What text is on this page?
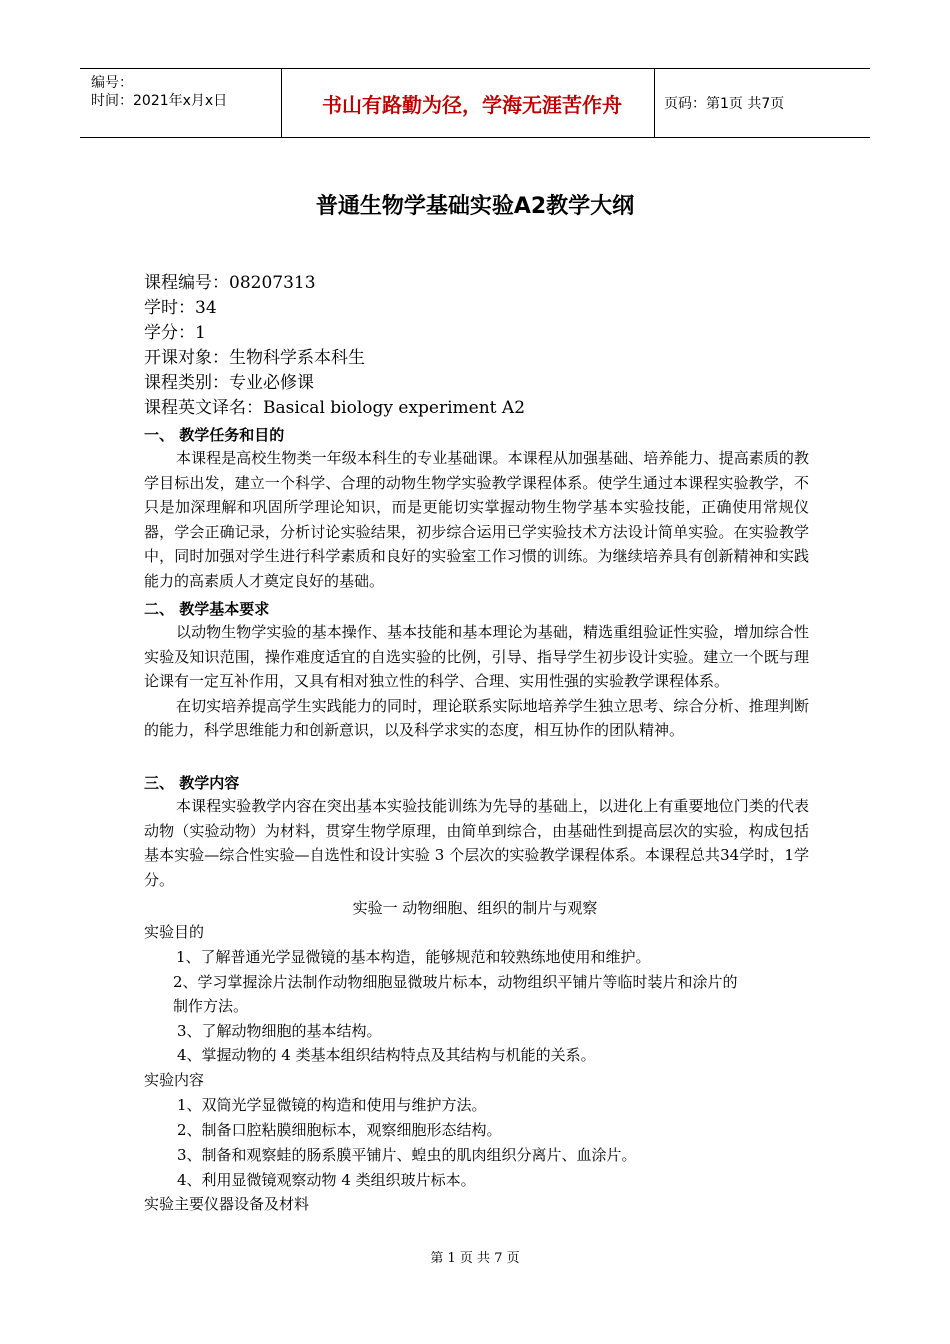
编号：
时间：2021年x月x日	书山有路勤为径，学海无涯苦作舟	页码：第1页 共7页
普通生物学基础实验A2教学大纲
课程编号：08207313
学时：34
学分：1
开课对象：生物科学系本科生
课程类别：专业必修课
课程英文译名：Basical biology experiment A2
一、 教学任务和目的

本课程是高校生物类一年级本科生的专业基础课。本课程从加强基础、培养能力、提高素质的教学目标出发，建立一个科学、合理的动物生物学实验教学课程体系。使学生通过本课程实验教学，不只是加深理解和巩固所学理论知识，而是更能切实掌握动物生物学基本实验技能，正确使用常规仪器，学会正确记录，分析讨论实验结果，初步综合运用已学实验技术方法设计简单实验。在实验教学中，同时加强对学生进行科学素质和良好的实验室工作习惯的训练。为继续培养具有创新精神和实践能力的高素质人才奠定良好的基础。

二、 教学基本要求

以动物生物学实验的基本操作、基本技能和基本理论为基础，精选重组验证性实验，增加综合性实验及知识范围，操作难度适宜的自选实验的比例，引导、指导学生初步设计实验。建立一个既与理论课有一定互补作用，又具有相对独立性的科学、合理、实用性强的实验教学课程体系。

在切实培养提高学生实践能力的同时，理论联系实际地培养学生独立思考、综合分析、推理判断的能力，科学思维能力和创新意识，以及科学求实的态度，相互协作的团队精神。

三、 教学内容

本课程实验教学内容在突出基本实验技能训练为先导的基础上，以进化上有重要地位门类的代表动物（实验动物）为材料，贯穿生物学原理，由简单到综合，由基础性到提高层次的实验，构成包括基本实验—综合性实验—自选性和设计实验 3 个层次的实验教学课程体系。本课程总共34学时，1学分。

实验一 动物细胞、组织的制片与观察
实验目的
1、了解普通光学显微镜的基本构造，能够规范和较熟练地使用和维护。
2、学习掌握涂片法制作动物细胞显微玻片标本，动物组织平铺片等临时装片和涂片的
制作方法。
3、了解动物细胞的基本结构。
4、掌握动物的 4 类基本组织结构特点及其结构与机能的关系。
实验内容
1、双筒光学显微镜的构造和使用与维护方法。
2、制备口腔粘膜细胞标本，观察细胞形态结构。
3、制备和观察蛙的肠系膜平铺片、蝗虫的肌肉组织分离片、血涂片。
4、利用显微镜观察动物 4 类组织玻片标本。
实验主要仪器设备及材料
第 1 页 共 7 页
